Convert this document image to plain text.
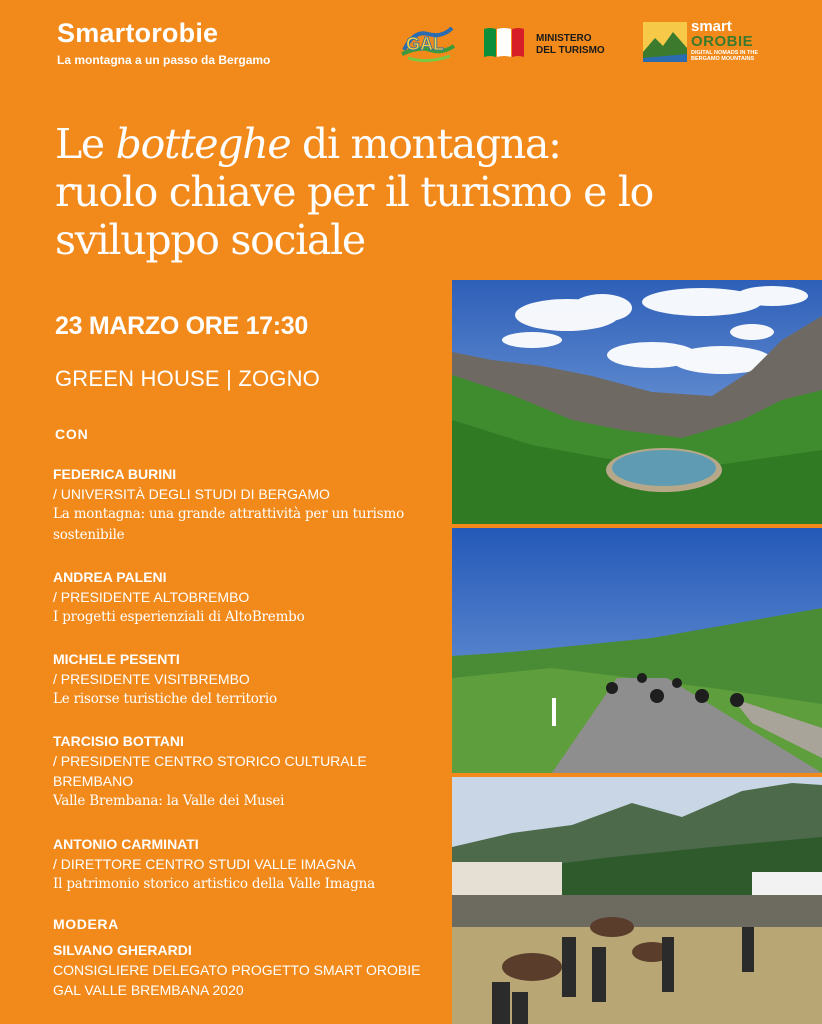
Smartorobie
La montagna a un passo da Bergamo
GAL	MINISTERO
DEL TURISMO
smart
OROBIE
DIGITAL NOMADS IN THE BERGAMO MOUNTAINS
Le botteghe di montagna: ruolo chiave per il turismo e lo sviluppo sociale
23 MARZO ORE 17:30
GREEN HOUSE | ZOGNO
CON
FEDERICA BURINI
/ UNIVERSITÀ DEGLI STUDI DI BERGAMO
La montagna: una grande attrattività per un turismo sostenibile
ANDREA PALENI
/ PRESIDENTE ALTOBREMBO
I progetti esperienziali di AltoBrembo
MICHELE PESENTI
/ PRESIDENTE VISITBREMBO
Le risorse turistiche del territorio
TARCISIO BOTTANI
/ PRESIDENTE CENTRO STORICO CULTURALE BREMBANO
Valle Brembana: la Valle dei Musei
ANTONIO CARMINATI
/ DIRETTORE CENTRO STUDI VALLE IMAGNA
Il patrimonio storico artistico della Valle Imagna
MODERA
SILVANO GHERARDI
CONSIGLIERE DELEGATO PROGETTO SMART OROBIE GAL VALLE BREMBANA 2020
